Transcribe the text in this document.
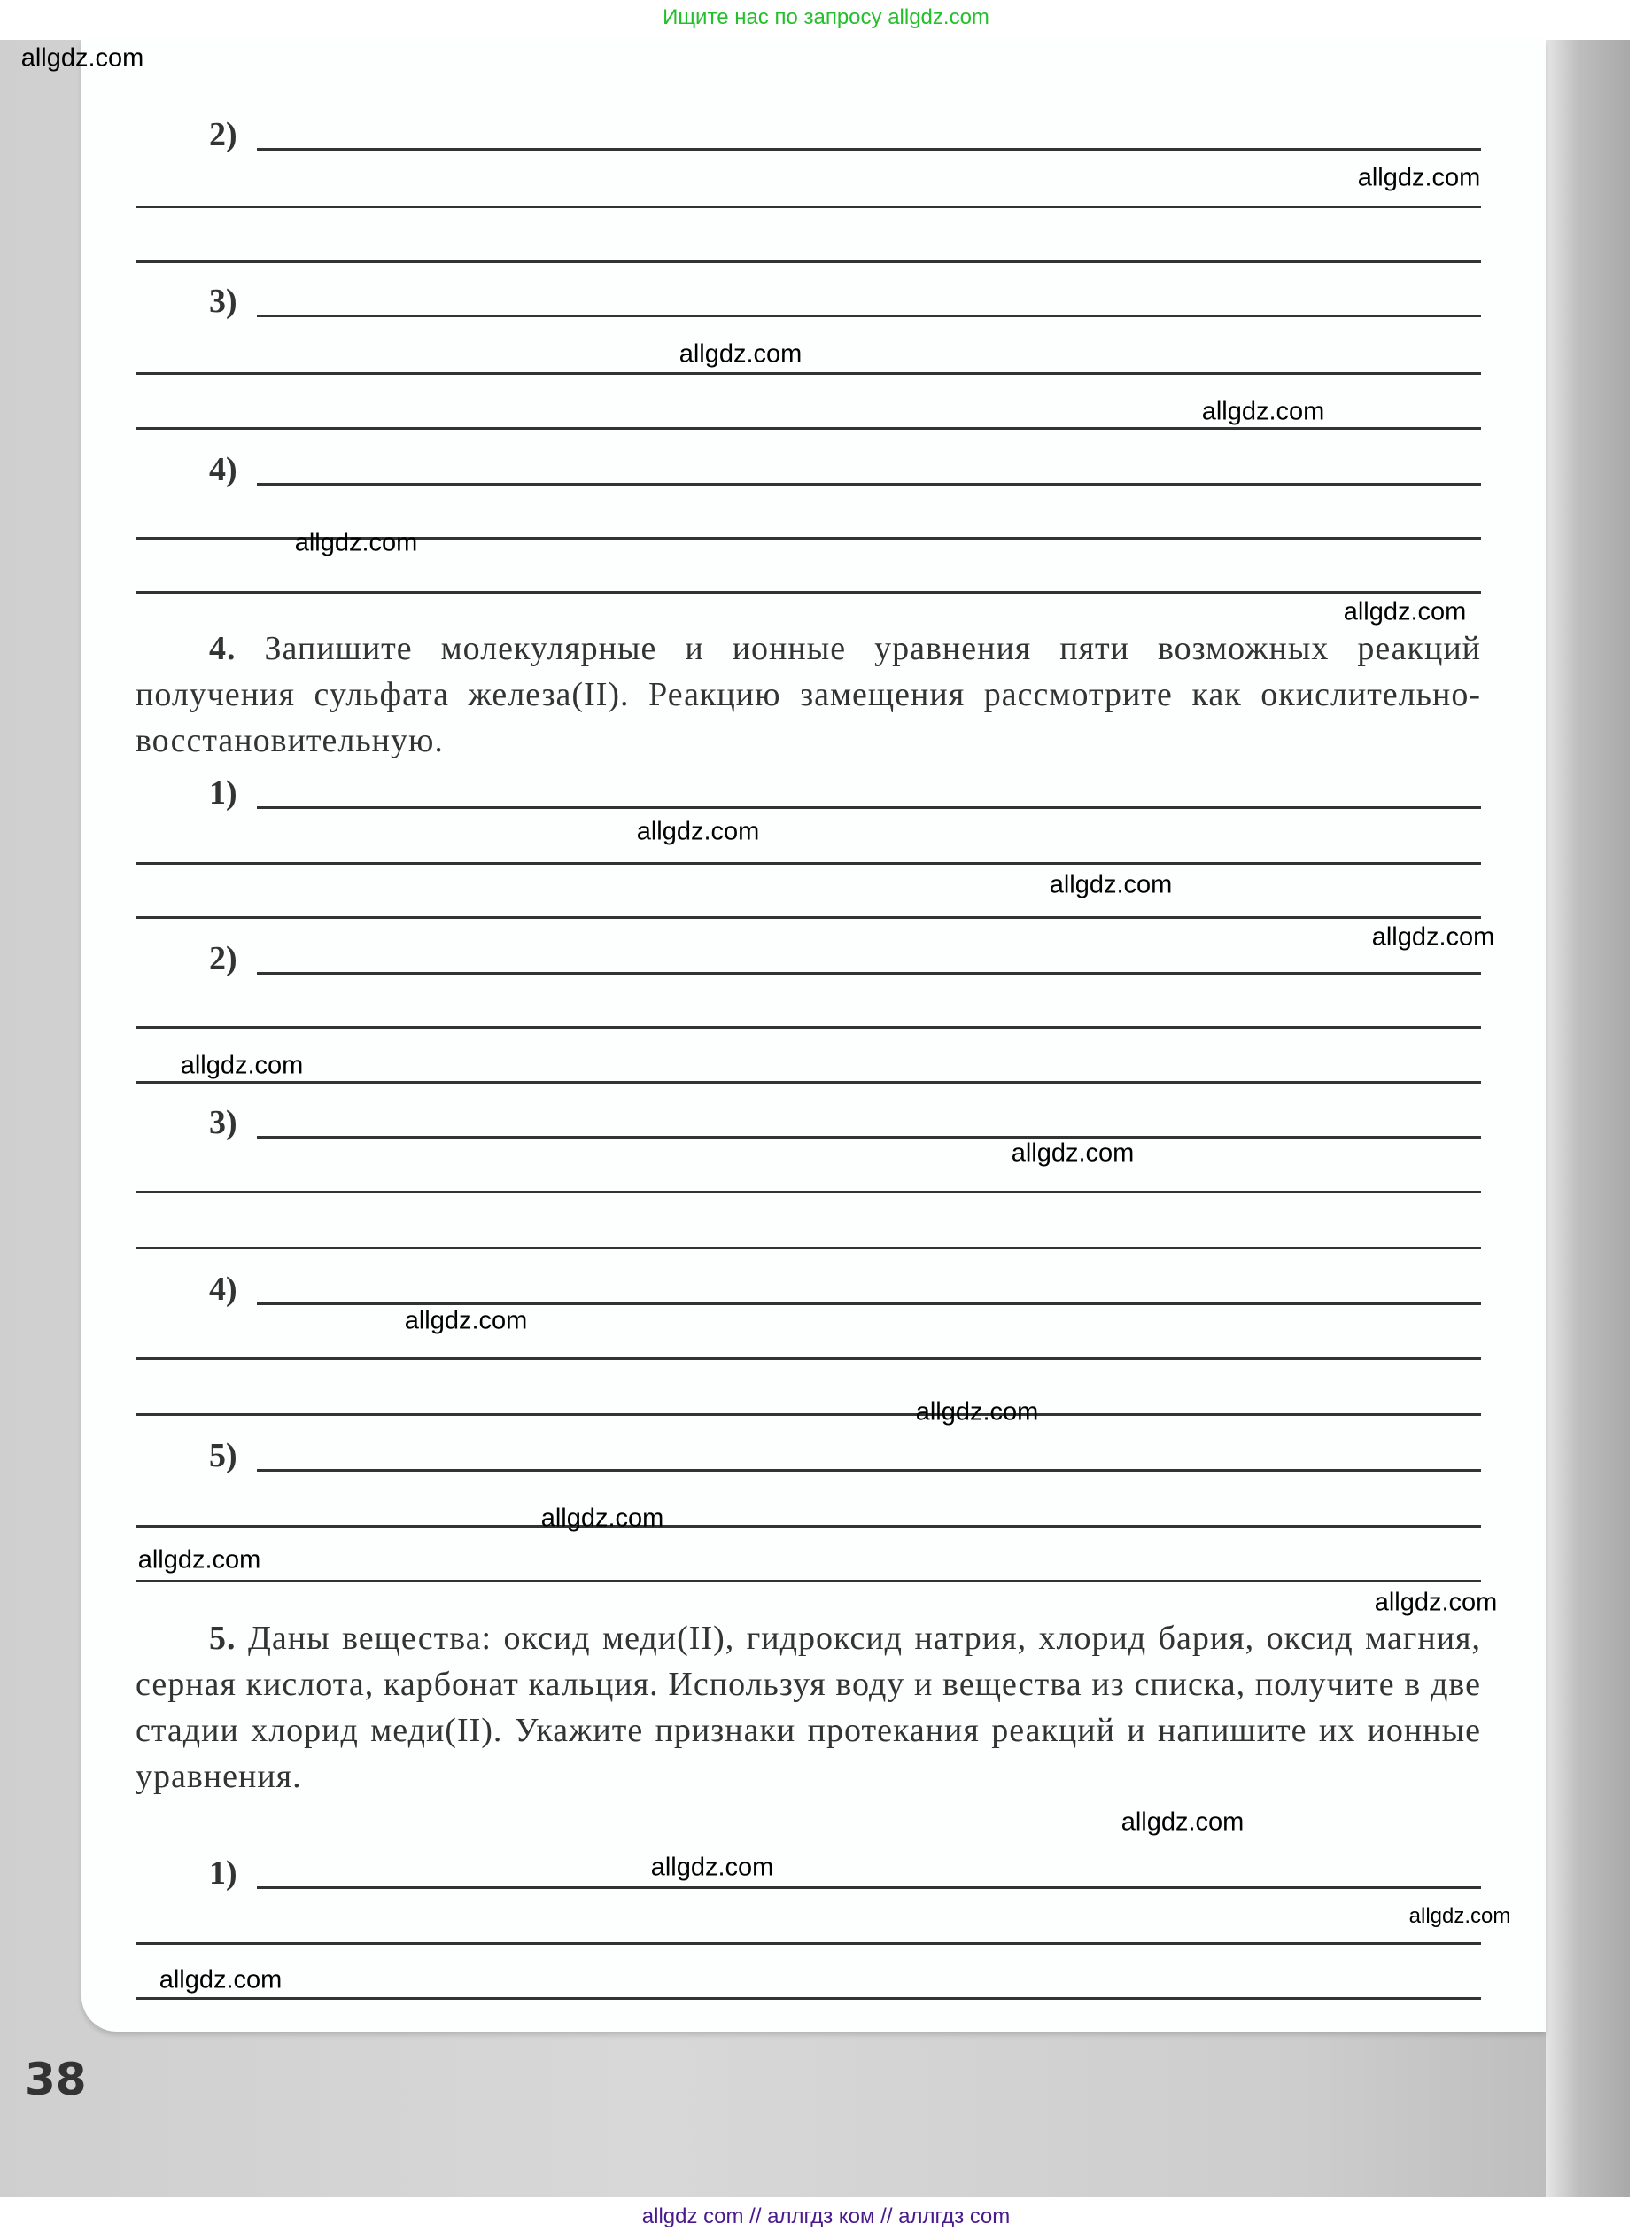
Ищите нас по запросу allgdz.com
4. Запишите молекулярные и ионные уравнения пяти возможных реакций получения сульфата железа(II). Реакцию замещения рассмотрите как окислительно-восстановительную.
5. Даны вещества: оксид меди(II), гидроксид натрия, хлорид бария, оксид магния, серная кислота, карбонат кальция. Используя воду и вещества из списка, получите в две стадии хлорид меди(II). Укажите признаки протекания реакций и напишите их ионные уравнения.
2)
3)
4)
1)
2)
3)
4)
5)
1)
allgdz.com
allgdz.com
allgdz.com
allgdz.com
allgdz.com
allgdz.com
allgdz.com
allgdz.com
allgdz.com
allgdz.com
allgdz.com
allgdz.com
allgdz.com
allgdz.com
allgdz.com
allgdz.com
allgdz.com
allgdz.com
allgdz.com
allgdz.com
38
allgdz com // аллгдз ком // аллгдз com
